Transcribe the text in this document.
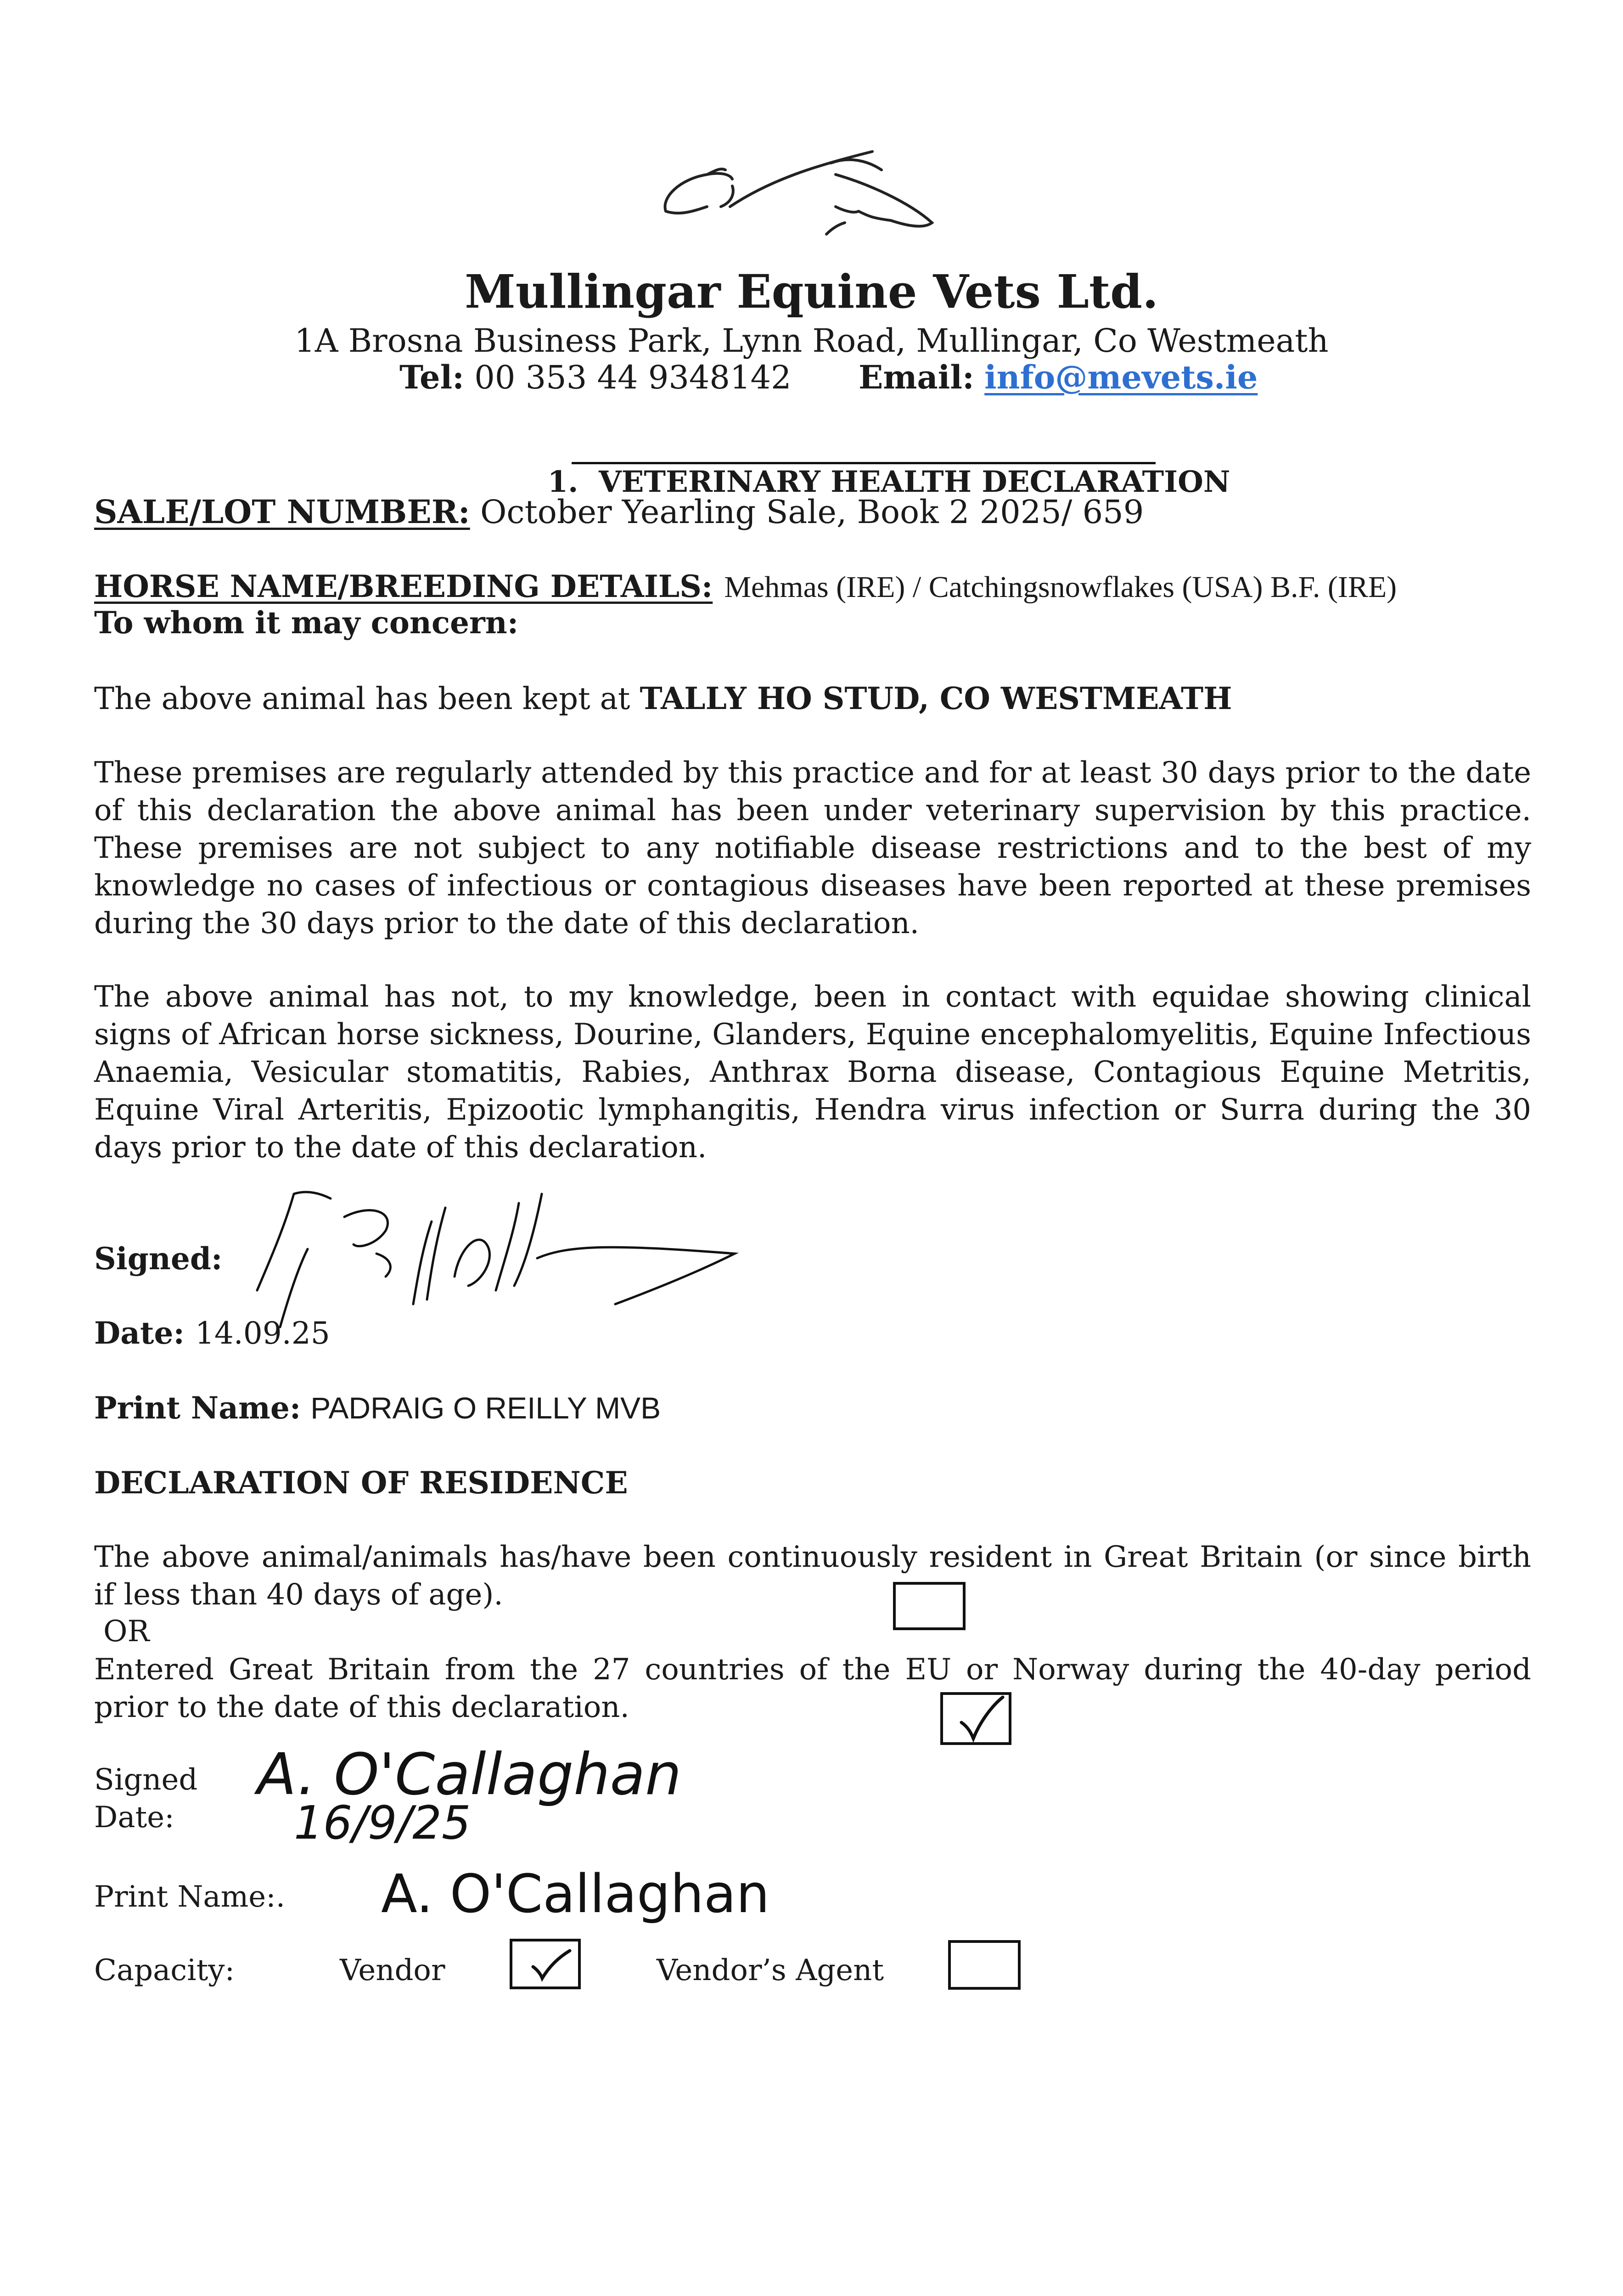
Mullingar Equine Vets Ltd.
1A Brosna Business Park, Lynn Road, Mullingar, Co Westmeath
Tel: 00 353 44 9348142 Email: info@mevets.ie

1.  VETERINARY HEALTH DECLARATION

SALE/LOT NUMBER: October Yearling Sale, Book 2 2025/ 659
HORSE NAME/BREEDING DETAILS: Mehmas (IRE) / Catchingsnowflakes (USA) B.F. (IRE)
To whom it may concern:
The above animal has been kept at TALLY HO STUD, CO WESTMEATH
These premises are regularly attended by this practice and for at least 30 days prior to the date of this declaration the above animal has been under veterinary supervision by this practice. These premises are not subject to any notifiable disease restrictions and to the best of my knowledge no cases of infectious or contagious diseases have been reported at these premises during the 30 days prior to the date of this declaration.
The above animal has not, to my knowledge, been in contact with equidae showing clinical signs of African horse sickness, Dourine, Glanders, Equine encephalomyelitis, Equine Infectious Anaemia, Vesicular stomatitis, Rabies, Anthrax Borna disease, Contagious Equine Metritis, Equine Viral Arteritis, Epizootic lymphangitis, Hendra virus infection or Surra during the 30 days prior to the date of this declaration.
Signed:
Date: 14.09.25
Print Name: PADRAIG O REILLY MVB
DECLARATION OF RESIDENCE
The above animal/animals has/have been continuously resident in Great Britain (or since birth if less than 40 days of age).
OR
Entered Great Britain from the 27 countries of the EU or Norway during the 40-day period prior to the date of this declaration.
Signed
Date:
A. O'Callaghan
16/9/25
Print Name:. A. O'Callaghan
Capacity:	Vendor	Vendor’s Agent
